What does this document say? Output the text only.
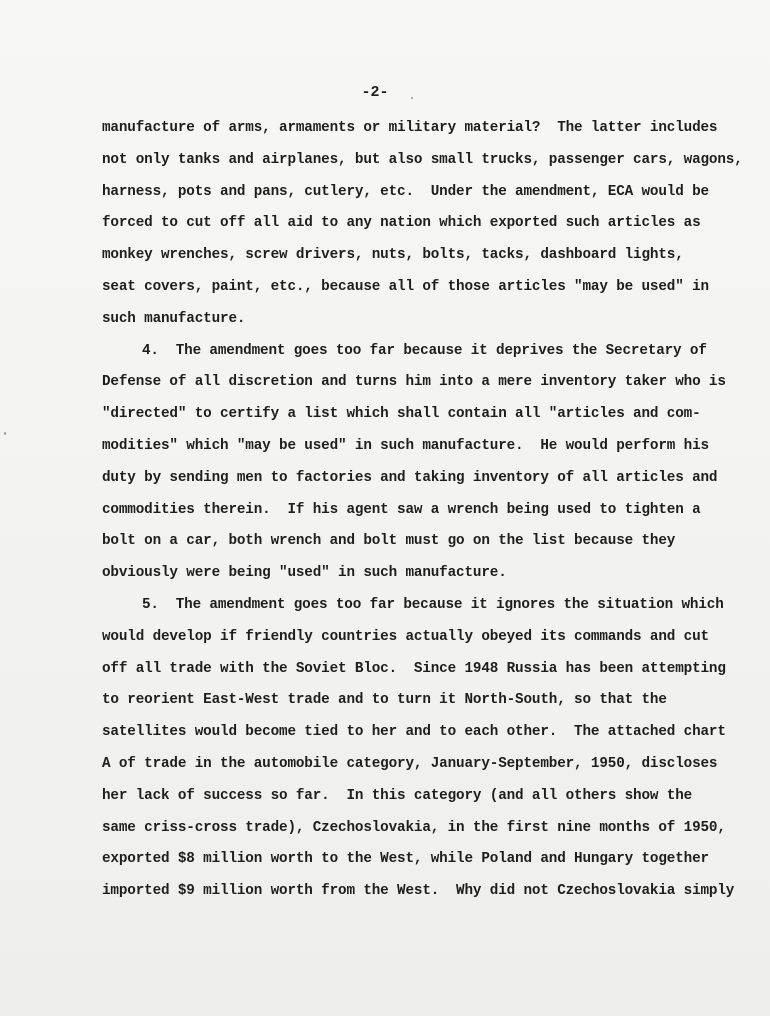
-2-
manufacture of arms, armaments or military material?  The latter includes
not only tanks and airplanes, but also small trucks, passenger cars, wagons,
harness, pots and pans, cutlery, etc.  Under the amendment, ECA would be
forced to cut off all aid to any nation which exported such articles as
monkey wrenches, screw drivers, nuts, bolts, tacks, dashboard lights,
seat covers, paint, etc., because all of those articles "may be used" in
such manufacture.
4.  The amendment goes too far because it deprives the Secretary of
Defense of all discretion and turns him into a mere inventory taker who is
"directed" to certify a list which shall contain all "articles and com-
modities" which "may be used" in such manufacture.  He would perform his
duty by sending men to factories and taking inventory of all articles and
commodities therein.  If his agent saw a wrench being used to tighten a
bolt on a car, both wrench and bolt must go on the list because they
obviously were being "used" in such manufacture.
5.  The amendment goes too far because it ignores the situation which
would develop if friendly countries actually obeyed its commands and cut
off all trade with the Soviet Bloc.  Since 1948 Russia has been attempting
to reorient East-West trade and to turn it North-South, so that the
satellites would become tied to her and to each other.  The attached chart
A of trade in the automobile category, January-September, 1950, discloses
her lack of success so far.  In this category (and all others show the
same criss-cross trade), Czechoslovakia, in the first nine months of 1950,
exported $8 million worth to the West, while Poland and Hungary together
imported $9 million worth from the West.  Why did not Czechoslovakia simply
